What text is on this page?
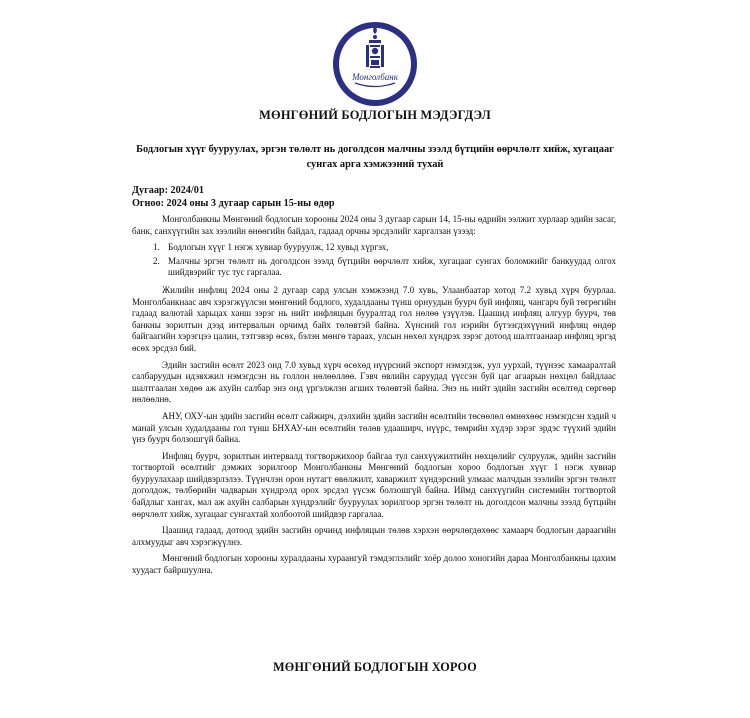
Монголбанк
МӨНГӨНИЙ БОДЛОГЫН МЭДЭГДЭЛ
Бодлогын хүүг бууруулах, эргэн төлөлт нь доголдсон малчны зээлд бүтцийн өөрчлөлт хийж, хугацааг сунгах арга хэмжээний тухай
Дугаар: 2024/01
Огноо: 2024 оны 3 дугаар сарын 15-ны өдөр

Монголбанкны Мөнгөний бодлогын хорооны 2024 оны 3 дугаар сарын 14, 15-ны өдрийн ээлжит хурлаар эдийн засаг, банк, санхүүгийн зах зээлийн өнөөгийн байдал, гадаад орчны эрсдэлийг харгалзан үзээд:

1. Бодлогын хүүг 1 нэгж хувиар бууруулж, 12 хувьд хүргэх,
2. Малчны эргэн төлөлт нь доголдсон зээлд бүтцийн өөрчлөлт хийж, хугацааг сунгах боломжийг банкуудад олгох шийдвэрийг тус тус гаргалаа.

Жилийн инфляц 2024 оны 2 дугаар сард улсын хэмжээнд 7.0 хувь, Улаанбаатар хотод 7.2 хувьд хүрч буурлаа. Монголбанкнаас авч хэрэгжүүлсэн мөнгөний бодлого, худалдааны түнш орнуудын буурч буй инфляц, чангарч буй төгрөгийн гадаад валютай харьцах ханш зэрэг нь нийт инфляцын бууралтад гол нөлөө үзүүлэв. Цаашид инфляц алгуур буурч, төв банкны зорилтын дээд интервалын орчимд байх төлөвтэй байна. Хүнсний гол нэрийн бүтээгдэхүүний инфляц өндөр байгаагийн хэрэгцээ цалин, тэтгэвэр өсөх, бэлэн мөнгө тараах, улсын нөхөл хүндрэх зэрэг дотоод шалтгаанаар инфляц эргэд өсөх эрсдэл бий.

Эдийн засгийн өсөлт 2023 онд 7.0 хувьд хүрч өсөхөд нүүрсний экспорт нэмэгдэж, уул уурхай, түүнээс хамааралтай салбаруудын идэвхжил нэмэгдсэн нь голлон нөлөөллөө. Гэвч өвлийн саруудад үүссэн буй цаг агаарын нөхцөл байдлаас шалтгаалан хөдөө аж ахуйн салбар энэ онд үргэлжлэн агших төлөвтэй байна. Энэ нь нийт эдийн засгийн өсөлтөд сөргөөр нөлөөлнө.

АНУ, ОХУ-ын эдийн засгийн өсөлт сайжирч, дэлхийн эдийн засгийн өсөлтийн төсөөлөл өмнөхөөс нэмэгдсэн хэдий ч манай улсын худалдааны гол түнш БНХАУ-ын өсөлтийн төлөв удааширч, нүүрс, төмрийн хүдэр зэрэг эрдэс түүхий эдийн үнэ буурч болзошгүй байна.

Инфляц буурч, зорилтын интервалд тогтворжихоор байгаа тул санхүүжилтийн нөхцөлийг сулруулж, эдийн засгийн тогтвортой өсөлтийг дэмжих зорилгоор Монголбанкны Мөнгөний бодлогын хороо бодлогын хүүг 1 нэгж хувиар бууруулахаар шийдвэрлэлээ. Түүнчлэн орон нутагт өвөлжилт, хаваржилт хүндэрсний улмаас малчдын зээлийн эргэн төлөлт доголдож, төлбөрийн чадварын хүндрэлд орох эрсдэл үүсэж болзошгүй байна. Иймд санхүүгийн системийн тогтвортой байдлыг хангах, мал аж ахуйн салбарын хүндрэлийг бууруулах зорилгоор эргэн төлөлт нь доголдсон малчны зээлд бүтцийн өөрчлөлт хийж, хугацааг сунгахтай холбоотой шийдвэр гаргалаа.

Цаашид гадаад, дотоод эдийн засгийн орчинд инфляцын төлөв хэрхэн өөрчлөгдөхөөс хамаарч бодлогын дараагийн алхмуудыг авч хэрэгжүүлнэ.

Мөнгөний бодлогын хорооны хуралдааны хураангуй тэмдэглэлийг хоёр долоо хоногийн дараа Монголбанкны цахим хуудаст байршуулна.

МӨНГӨНИЙ БОДЛОГЫН ХОРОО
